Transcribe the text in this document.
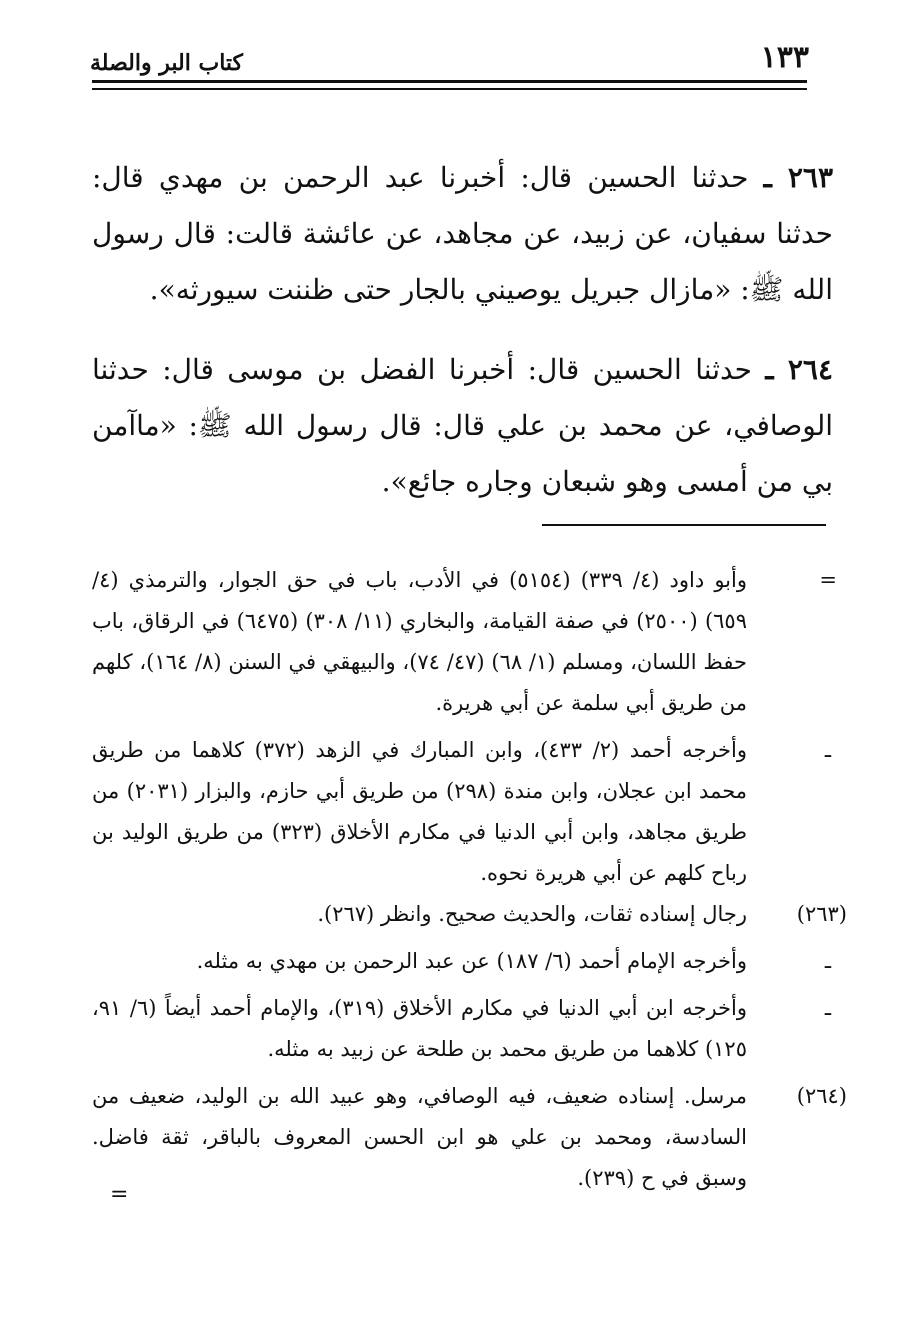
١٣٣
كتاب البر والصلة

٢٦٣ ـ حدثنا الحسين قال: أخبرنا عبد الرحمن بن مهدي قال: حدثنا سفيان، عن زبيد، عن مجاهد، عن عائشة قالت: قال رسول الله ﷺ: «مازال جبريل يوصيني بالجار حتى ظننت سيورثه».

٢٦٤ ـ حدثنا الحسين قال: أخبرنا الفضل بن موسى قال: حدثنا الوصافي، عن محمد بن علي قال: قال رسول الله ﷺ: «ماآمن بي من أمسى وهو شبعان وجاره جائع».

=
وأبو داود (٤/ ٣٣٩) (٥١٥٤) في الأدب، باب في حق الجوار، والترمذي (٤/ ٦٥٩) (٢٥٠٠) في صفة القيامة، والبخاري (١١/ ٣٠٨) (٦٤٧٥) في الرقاق، باب حفظ اللسان، ومسلم (١/ ٦٨) (٤٧/ ٧٤)، والبيهقي في السنن (٨/ ١٦٤)، كلهم من طريق أبي سلمة عن أبي هريرة.
ـ
وأخرجه أحمد (٢/ ٤٣٣)، وابن المبارك في الزهد (٣٧٢) كلاهما من طريق محمد ابن عجلان، وابن مندة (٢٩٨) من طريق أبي حازم، والبزار (٢٠٣١) من طريق مجاهد، وابن أبي الدنيا في مكارم الأخلاق (٣٢٣) من طريق الوليد بن رباح كلهم عن أبي هريرة نحوه.
(٢٦٣)
رجال إسناده ثقات، والحديث صحيح. وانظر (٢٦٧).
ـ
وأخرجه الإمام أحمد (٦/ ١٨٧) عن عبد الرحمن بن مهدي به مثله.
ـ
وأخرجه ابن أبي الدنيا في مكارم الأخلاق (٣١٩)، والإمام أحمد أيضاً (٦/ ٩١، ١٢٥) كلاهما من طريق محمد بن طلحة عن زبيد به مثله.
(٢٦٤)
مرسل. إسناده ضعيف، فيه الوصافي، وهو عبيد الله بن الوليد، ضعيف من السادسة، ومحمد بن علي هو ابن الحسن المعروف بالباقر، ثقة فاضل. وسبق في ح (٢٣٩).
=
